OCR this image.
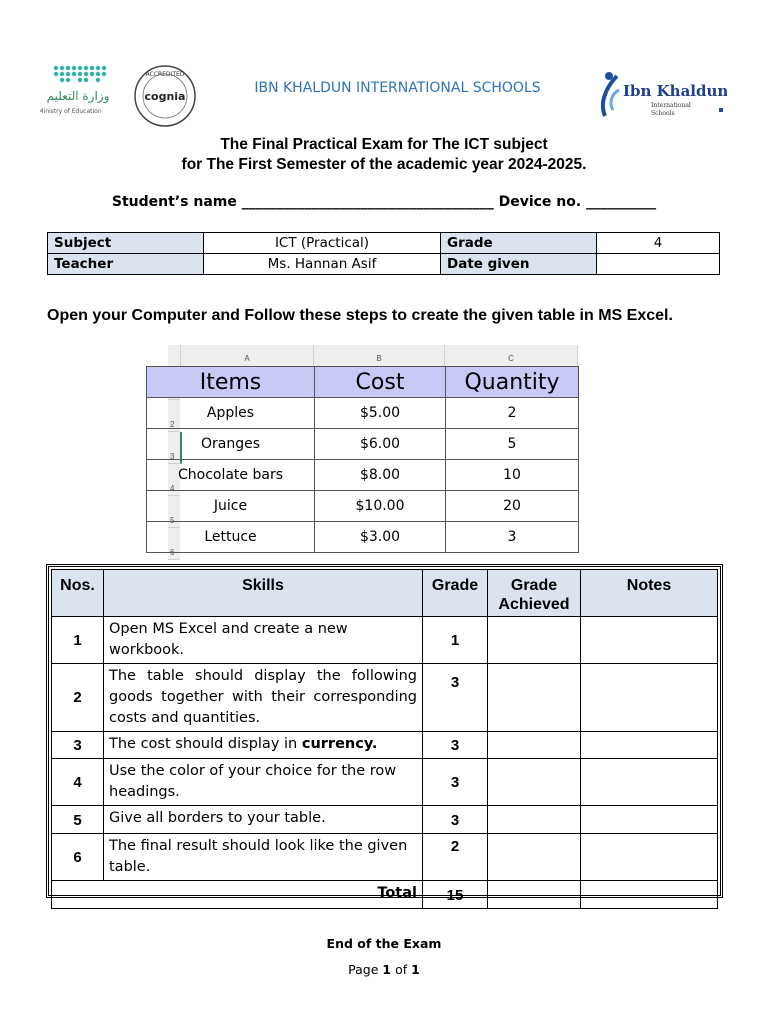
وزارة التعليم
Ministry of Education
ACCREDITED
cognia
IBN KHALDUN INTERNATIONAL SCHOOLS	Ibn Khaldun
International
Schools
The Final Practical Exam for The ICT subject
for The First Semester of the academic year 2024-2025.
Student’s name ____________________________________ Device no. __________
Subject	ICT (Practical)	Grade	4
Teacher	Ms. Hannan Asif	Date given	
Open your Computer and Follow these steps to create the given table in MS Excel.
A	B	C
2
3
4
5
6
Items	Cost	Quantity
Apples	$5.00	2
Oranges	$6.00	5
Chocolate bars	$8.00	10
Juice	$10.00	20
Lettuce	$3.00	3
Nos.	Skills	Grade	Grade Achieved	Notes
1	Open MS Excel and create a new workbook.	1		
2	The table should display the following goods together with their corresponding costs and quantities.	3		
3	The cost should display in currency.	3		
4	Use the color of your choice for the row headings.	3		
5	Give all borders to your table.	3		
6	The final result should look like the given table.	2		
Total		15		
End of the Exam
Page 1 of 1
